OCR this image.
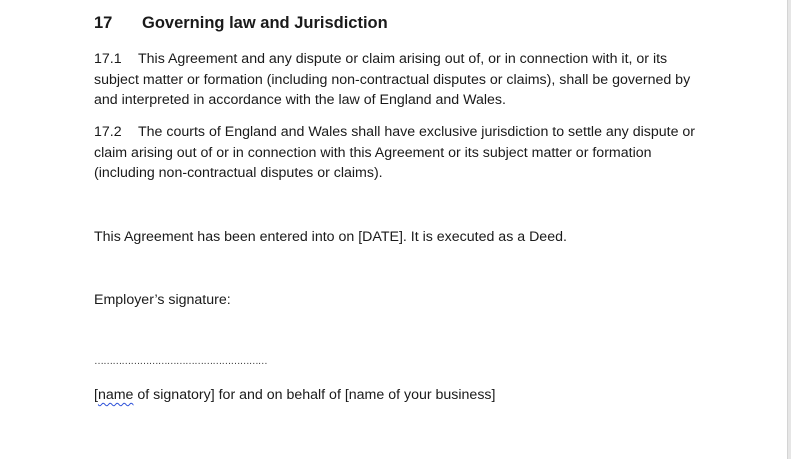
17 Governing law and Jurisdiction
17.1 This Agreement and any dispute or claim arising out of, or in connection with it, or its subject matter or formation (including non-contractual disputes or claims), shall be governed by and interpreted in accordance with the law of England and Wales.
17.2 The courts of England and Wales shall have exclusive jurisdiction to settle any dispute or claim arising out of or in connection with this Agreement or its subject matter or formation (including non-contractual disputes or claims).
This Agreement has been entered into on [DATE]. It is executed as a Deed.
Employer’s signature:
…………………………………………………
[name of signatory] for and on behalf of [name of your business]
